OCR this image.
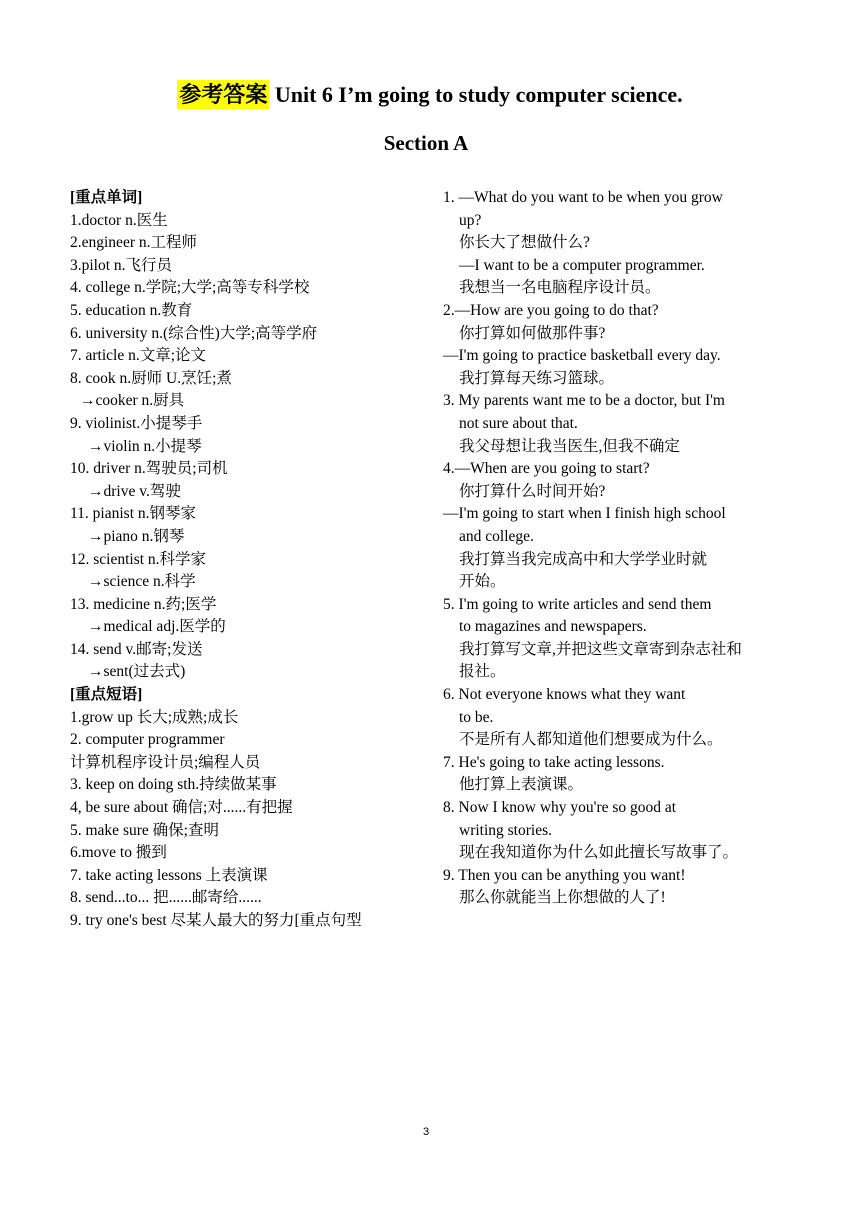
参考答案 Unit 6 I’m going to study computer science.
Section A
[重点单词]
1.doctor n.医生
2.engineer n.工程师
3.pilot n.飞行员
4. college n.学院;大学;高等专科学校
5. education n.教育
6. university n.(综合性)大学;高等学府
7. article n.文章;论文
8. cook n.厨师 U.烹饪;煮
→cooker n.厨具
9. violinist.小提琴手
→violin n.小提琴
10. driver n.驾驶员;司机
→drive v.驾驶
11. pianist n.钢琴家
→piano n.钢琴
12. scientist n.科学家
→science n.科学
13. medicine n.药;医学
→medical adj.医学的
14. send v.邮寄;发送
→sent(过去式)
[重点短语]
1.grow up 长大;成熟;成长
2. computer programmer
计算机程序设计员;编程人员
3. keep on doing sth.持续做某事
4, be sure about 确信;对......有把握
5. make sure 确保;查明
6.move to 搬到
7. take acting lessons 上表演课
8. send...to... 把......邮寄给......
9. try one's best 尽某人最大的努力[重点句型
1. —What do you want to be when you grow
up?
你长大了想做什么?
—I want to be a computer programmer.
我想当一名电脑程序设计员。
2.—How are you going to do that?
你打算如何做那件事?
—I'm going to practice basketball every day.
我打算每天练习篮球。
3. My parents want me to be a doctor, but I'm
not sure about that.
我父母想让我当医生,但我不确定
4.—When are you going to start?
你打算什么时间开始?
—I'm going to start when I finish high school
and college.
我打算当我完成高中和大学学业时就
开始。
5. I'm going to write articles and send them
to magazines and newspapers.
我打算写文章,并把这些文章寄到杂志社和
报社。
6. Not everyone knows what they want
to be.
不是所有人都知道他们想要成为什么。
7. He's going to take acting lessons.
他打算上表演课。
8. Now I know why you're so good at
writing stories.
现在我知道你为什么如此擅长写故事了。
9. Then you can be anything you want!
那么你就能当上你想做的人了!
3
